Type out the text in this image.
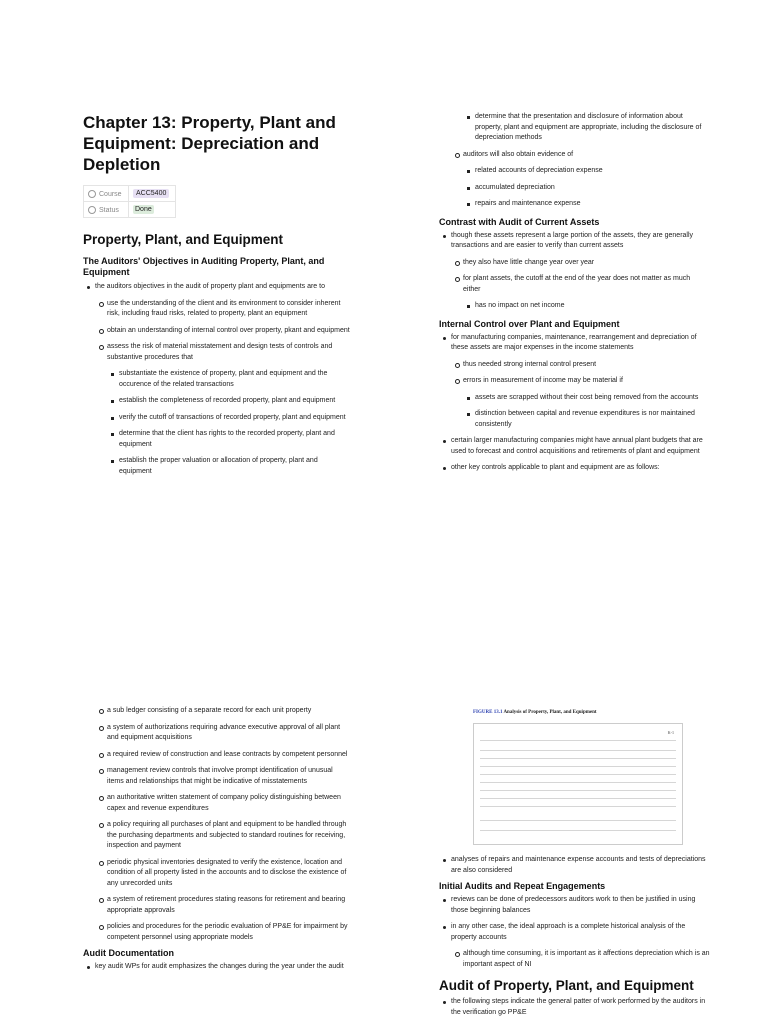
Chapter 13: Property, Plant and Equipment: Depreciation and Depletion
Course	ACC5400
Status	Done
Property, Plant, and Equipment
The Auditors' Objectives in Auditing Property, Plant, and Equipment
the auditors objectives in the audit of property plant and equipments are to
use the understanding of the client and its environment to consider inherent risk, including fraud risks, related to property, plant an equipment
obtain an understanding of internal control over property, pkant and equipment
assess the risk of material misstatement and design tests of controls and substantive procedures that
substantiate the existence of property, plant and equipment and the occurence of the related transactions
establish the completeness of recorded property, plant and equipment
verify the cutoff of transactions of recorded property, plant and equipment
determine that the client has rights to the recorded property, plant and equipment
establish the proper valuation or allocation of property, plant and equipment
determine that the presentation and disclosure of information about property, plant and equipment are appropriate, including the disclosure of depreciation methods
auditors will also obtain evidence of
related accounts of depreciation expense
accumulated depreciation
repairs and maintenance expense
Contrast with Audit of Current Assets
though these assets represent a large portion of the assets, they are generally transactions and are easier to verify than current assets
they also have little change year over year
for plant assets, the cutoff at the end of the year does not matter as much either
has no impact on net income
Internal Control over Plant and Equipment
for manufacturing companies, maintenance, rearrangement and depreciation of these assets are major expenses in the income statements
thus needed strong internal control present
errors in measurement of income may be material if
assets are scrapped without their cost being removed from the accounts
distinction between capital and revenue expenditures is nor maintained consistently
certain larger manufacturing companies might have annual plant budgets that are used to forecast and control acquisitions and retirements of plant and equipment
other key controls applicable to plant and equipment are as follows:
a sub ledger consisting of a separate record for each unit property
a system of authorizations requiring advance executive approval of all plant and equipment acquisitions
a required review of construction and lease contracts by competent personnel
management review controls that involve prompt identification of unusual items and relationships that might be indicative of misstatements
an authoritative written statement of company policy distinguishing between capex and revenue expenditures
a policy requiring all purchases of plant and equipment to be handled through the purchasing departments and subjected to standard routines for receiving, inspection and payment
periodic physical inventories designated to verify the existence, location and condition of all property listed in the accounts and to disclose the existence of any unrecorded units
a system of retirement procedures stating reasons for retirement and bearing appropriate approvals
policies and procedures for the periodic evaluation of PP&E for impairment by competent personnel using appropriate models
Audit Documentation
key audit WPs for audit emphasizes the changes during the year under the audit
FIGURE 13.1 Analysis of Property, Plant, and Equipment
K-1
analyses of repairs and maintenance expense accounts and tests of depreciations are also considered
Initial Audits and Repeat Engagements
reviews can be done of predecessors auditors work to then be justified in using those beginning balances
in any other case, the ideal approach is a complete historical analysis of the property accounts
although time consuming, it is important as it affections depreciation which is an important aspect of NI
Audit of Property, Plant, and Equipment
the following steps indicate the general patter of work performed by the auditors in the verification go PP&E
